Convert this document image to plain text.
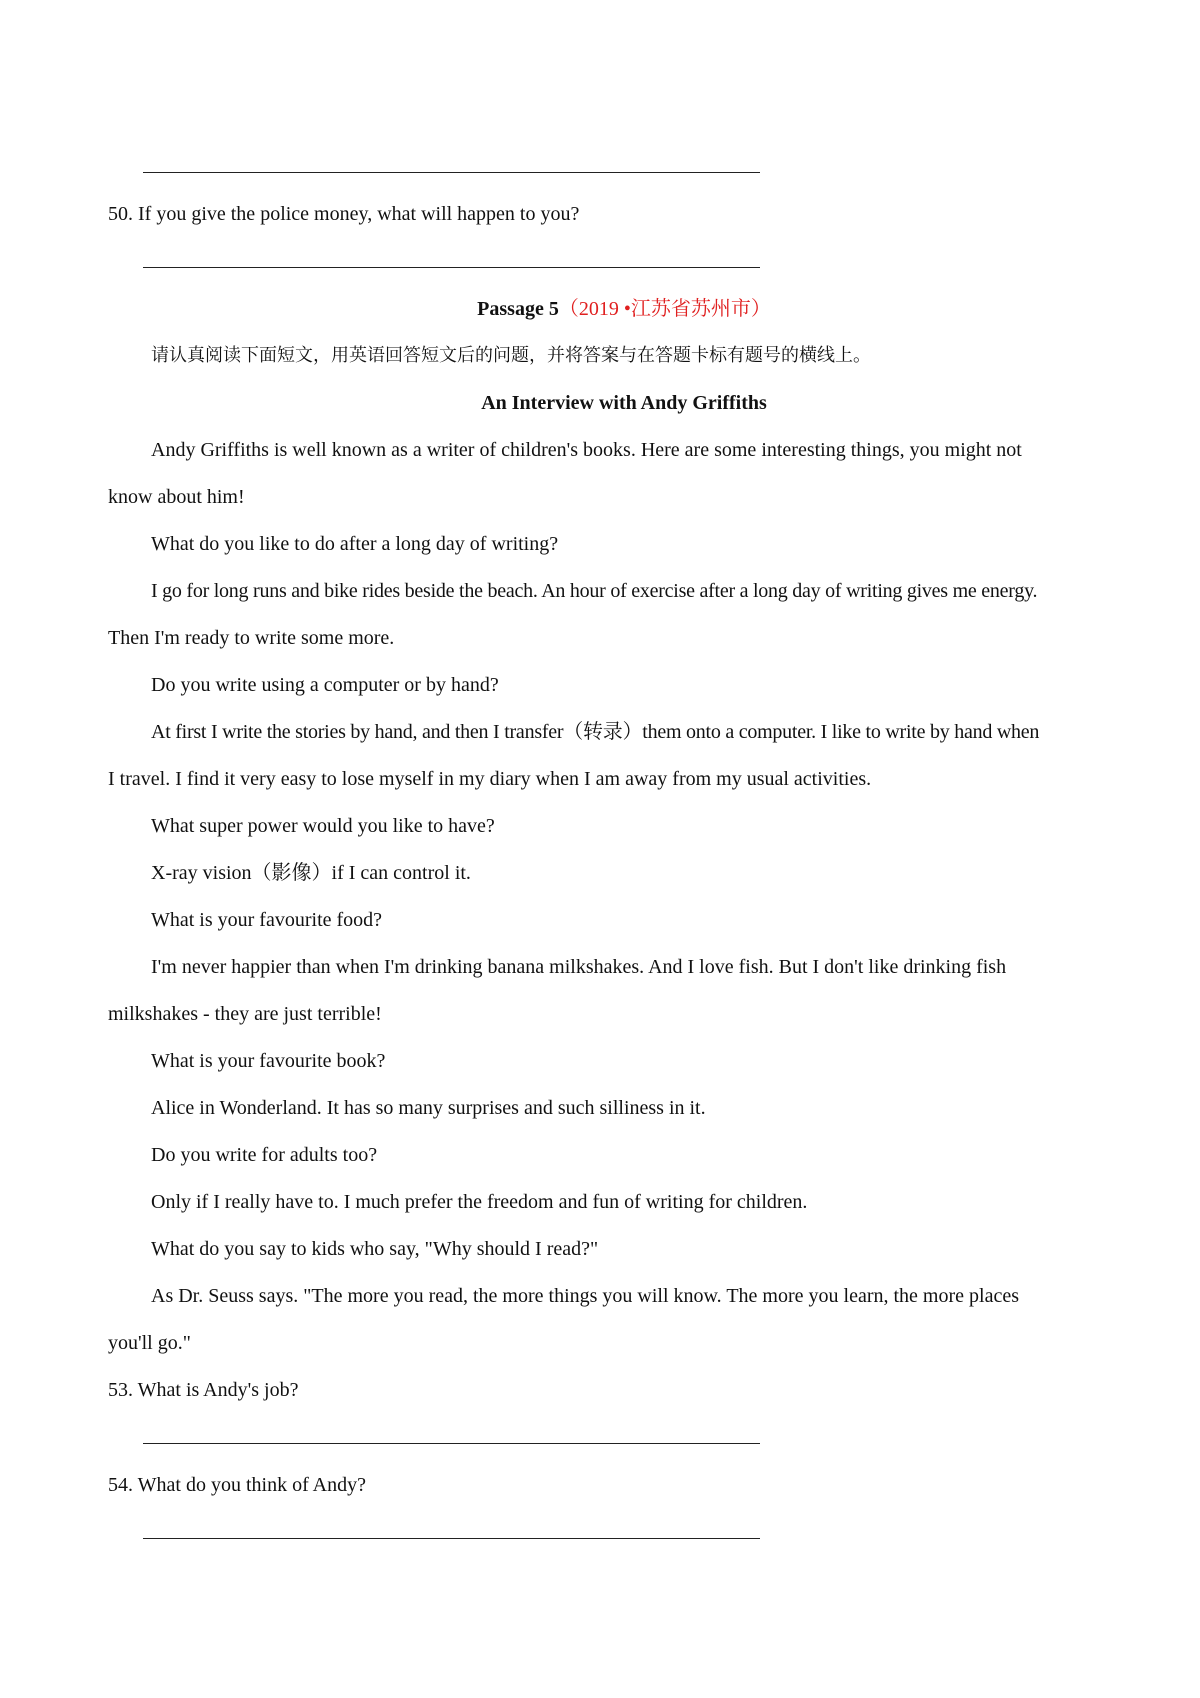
50. If you give the police money, what will happen to you?
Passage 5（2019 •江苏省苏州市）
请认真阅读下面短文，用英语回答短文后的问题，并将答案与在答题卡标有题号的横线上。
An Interview with Andy Griffiths
Andy Griffiths is well known as a writer of children's books. Here are some interesting things, you might not
know about him!
What do you like to do after a long day of writing?
I go for long runs and bike rides beside the beach. An hour of exercise after a long day of writing gives me energy.
Then I'm ready to write some more.
Do you write using a computer or by hand?
At first I write the stories by hand, and then I transfer（转录）them onto a computer. I like to write by hand when
I travel. I find it very easy to lose myself in my diary when I am away from my usual activities.
What super power would you like to have?
X-ray vision（影像）if I can control it.
What is your favourite food?
I'm never happier than when I'm drinking banana milkshakes. And I love fish. But I don't like drinking fish
milkshakes - they are just terrible!
What is your favourite book?
Alice in Wonderland. It has so many surprises and such silliness in it.
Do you write for adults too?
Only if I really have to. I much prefer the freedom and fun of writing for children.
What do you say to kids who say, "Why should I read?"
As Dr. Seuss says. "The more you read, the more things you will know. The more you learn, the more places
you'll go."
53. What is Andy's job?
54. What do you think of Andy?
